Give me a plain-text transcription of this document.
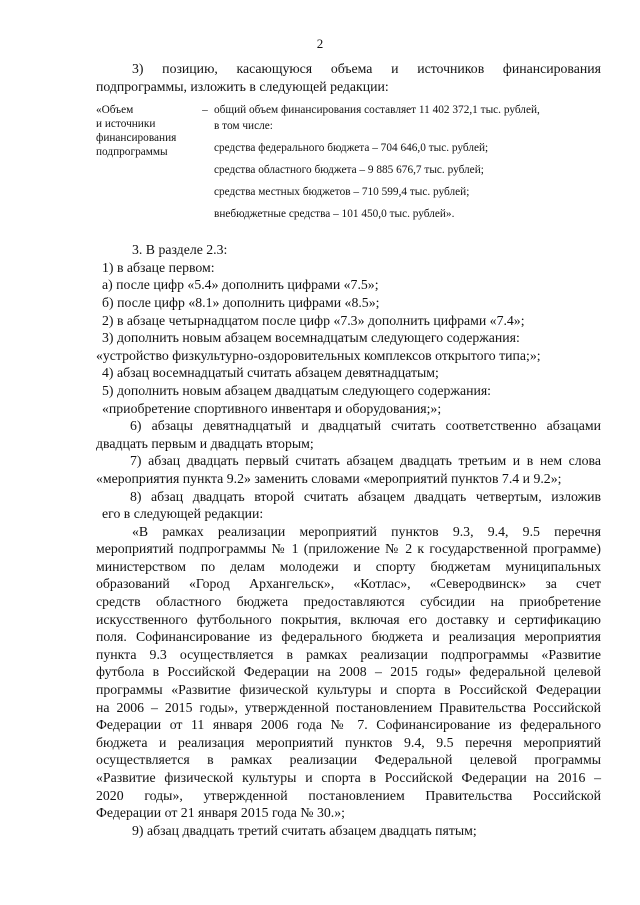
2

3) позицию, касающуюся объема и источников финансирования

подпрограммы, изложить в следующей редакции:

«Объем
и источники
финансирования
подпрограммы
– общий объем финансирования составляет 11 402 372,1 тыс. рублей,
в том числе:
средства федерального бюджета – 704 646,0 тыс. рублей;
средства областного бюджета – 9 885 676,7 тыс. рублей;
средства местных бюджетов – 710 599,4 тыс. рублей;
внебюджетные средства – 101 450,0 тыс. рублей».

3. В разделе 2.3:

1) в абзаце первом:

а) после цифр «5.4» дополнить цифрами «7.5»;

б) после цифр «8.1» дополнить цифрами «8.5»;

2) в абзаце четырнадцатом после цифр «7.3» дополнить цифрами «7.4»;

3) дополнить новым абзацем восемнадцатым следующего содержания:

«устройство физкультурно-оздоровительных комплексов открытого типа;»;

4) абзац восемнадцатый считать абзацем девятнадцатым;

5) дополнить новым абзацем двадцатым следующего содержания:

«приобретение спортивного инвентаря и оборудования;»;

6) абзацы девятнадцатый и двадцатый считать соответственно абзацами

двадцать первым и двадцать вторым;

7) абзац двадцать первый считать абзацем двадцать третьим и в нем слова

«мероприятия пункта 9.2» заменить словами «мероприятий пунктов 7.4 и 9.2»;

8) абзац двадцать второй считать абзацем двадцать четвертым, изложив

его в следующей редакции:

«В рамках реализации мероприятий пунктов 9.3, 9.4, 9.5 перечня

мероприятий подпрограммы № 1 (приложение № 2 к государственной программе)

министерством по делам молодежи и спорту бюджетам муниципальных

образований «Город Архангельск», «Котлас», «Северодвинск» за счет

средств областного бюджета предоставляются субсидии на приобретение

искусственного футбольного покрытия, включая его доставку и сертификацию

поля. Софинансирование из федерального бюджета и реализация мероприятия

пункта 9.3 осуществляется в рамках реализации подпрограммы «Развитие

футбола в Российской Федерации на 2008 – 2015 годы» федеральной целевой

программы «Развитие физической культуры и спорта в Российской Федерации

на 2006 – 2015 годы», утвержденной постановлением Правительства Российской

Федерации от 11 января 2006 года № 7. Софинансирование из федерального

бюджета и реализация мероприятий пунктов 9.4, 9.5 перечня мероприятий

осуществляется в рамках реализации Федеральной целевой программы

«Развитие физической культуры и спорта в Российской Федерации на 2016 –

2020 годы», утвержденной постановлением Правительства Российской

Федерации от 21 января 2015 года № 30.»;

9) абзац двадцать третий считать абзацем двадцать пятым;
